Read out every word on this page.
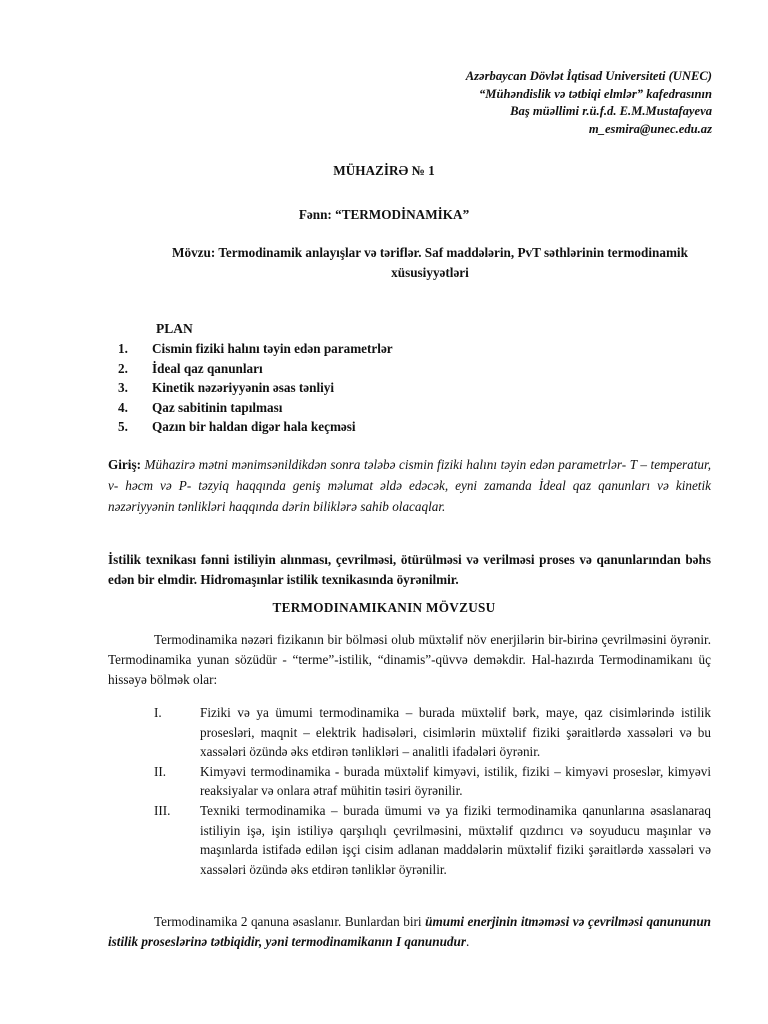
Azərbaycan Dövlət İqtisad Universiteti (UNEC)
“Mühəndislik və tətbiqi elmlər” kafedrasının
Baş müəllimi r.ü.f.d. E.M.Mustafayeva
m_esmira@unec.edu.az
MÜHAZİRƏ № 1
Fənn: “TERMODİNAMİKA”
Mövzu: Termodinamik anlayışlar və təriflər. Saf maddələrin, PvT səthlərinin termodinamik xüsusiyyətləri
PLAN
1.	Cismin fiziki halını təyin edən parametrlər
2.	İdeal qaz qanunları
3.	Kinetik nəzəriyyənin əsas tənliyi
4.	Qaz sabitinin tapılması
5.	Qazın bir haldan digər hala keçməsi
Giriş: Mühazirə mətni mənimsənildikdən sonra tələbə cismin fiziki halını təyin edən parametrlər- T – temperatur, v- həcm və P- təzyiq haqqında geniş məlumat əldə edəcək, eyni zamanda İdeal qaz qanunları və kinetik nəzəriyyənin tənlikləri haqqında dərin biliklərə sahib olacaqlar.
İstilik texnikası fənni istiliyin alınması, çevrilməsi, ötürülməsi və verilməsi proses və qanunlarından bəhs edən bir elmdir. Hidromaşınlar istilik texnikasında öyrənilmir.
TERMODINAMIKANIN MÖVZUSU
Termodinamika nəzəri fizikanın bir bölməsi olub müxtəlif növ enerjilərin bir-birinə çevrilməsini öyrənir. Termodinamika yunan sözüdür - “terme”-istilik, “dinamis”-qüvvə deməkdir. Hal-hazırda Termodinamikanı üç hissəyə bölmək olar:
I.	Fiziki və ya ümumi termodinamika – burada müxtəlif bərk, maye, qaz cisimlərində istilik prosesləri, maqnit – elektrik hadisələri, cisimlərin müxtəlif fiziki şəraitlərdə xassələri və bu xassələri özündə əks etdirən tənlikləri – analitli ifadələri öyrənir.
II.	Kimyəvi termodinamika - burada müxtəlif kimyəvi, istilik, fiziki – kimyəvi proseslər, kimyəvi reaksiyalar və onlara ətraf mühitin təsiri öyrənilir.
III.	Texniki termodinamika – burada ümumi və ya fiziki termodinamika qanunlarına əsaslanaraq istiliyin işə, işin istiliyə qarşılıqlı çevrilməsini, müxtəlif qızdırıcı və soyuducu maşınlar və maşınlarda istifadə edilən işçi cisim adlanan maddələrin müxtəlif fiziki şəraitlərdə xassələri və xassələri özündə əks etdirən tənliklər öyrənilir.
Termodinamika 2 qanuna əsaslanır. Bunlardan biri ümumi enerjinin itməməsi və çevrilməsi qanununun istilik proseslərinə tətbiqidir, yəni termodinamikanın I qanunudur.
